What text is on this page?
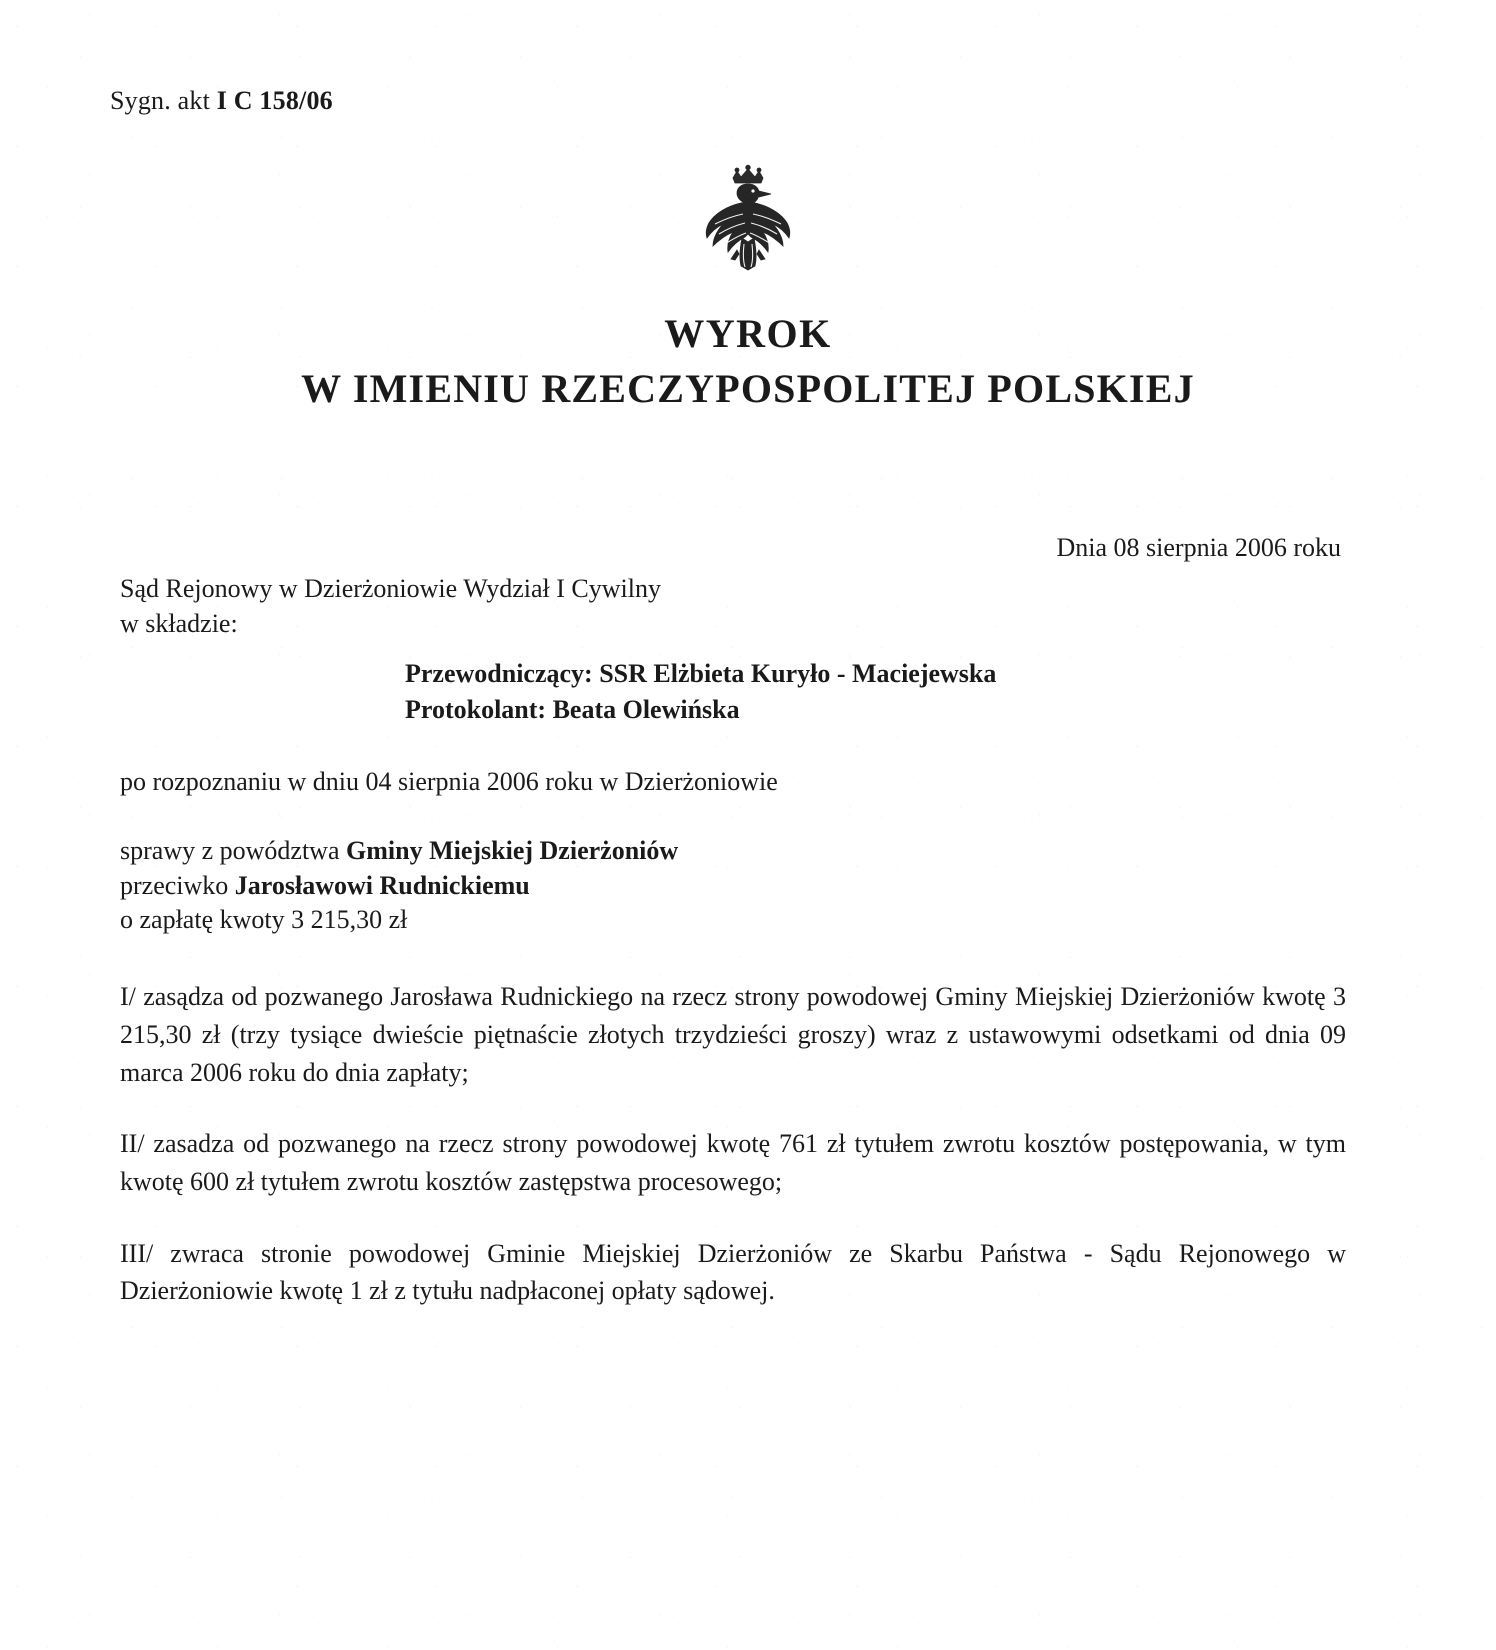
Sygn. akt I C 158/06
WYROK
W IMIENIU RZECZYPOSPOLITEJ POLSKIEJ
Dnia 08 sierpnia 2006 roku
Sąd Rejonowy w Dzierżoniowie Wydział I Cywilny
w składzie:
Przewodniczący: SSR Elżbieta Kuryło - Maciejewska
Protokolant: Beata Olewińska
po rozpoznaniu w dniu 04 sierpnia 2006 roku w Dzierżoniowie
sprawy z powództwa Gminy Miejskiej Dzierżoniów
przeciwko Jarosławowi Rudnickiemu
o zapłatę kwoty 3 215,30 zł
I/ zasądza od pozwanego Jarosława Rudnickiego na rzecz strony powodowej Gminy Miejskiej Dzierżoniów kwotę 3 215,30 zł (trzy tysiące dwieście piętnaście złotych trzydzieści groszy) wraz z ustawowymi odsetkami od dnia 09 marca 2006 roku do dnia zapłaty;
II/ zasadza od pozwanego na rzecz strony powodowej kwotę 761 zł tytułem zwrotu kosztów postępowania, w tym kwotę 600 zł tytułem zwrotu kosztów zastępstwa procesowego;
III/ zwraca stronie powodowej Gminie Miejskiej Dzierżoniów ze Skarbu Państwa - Sądu Rejonowego w Dzierżoniowie kwotę 1 zł z tytułu nadpłaconej opłaty sądowej.
